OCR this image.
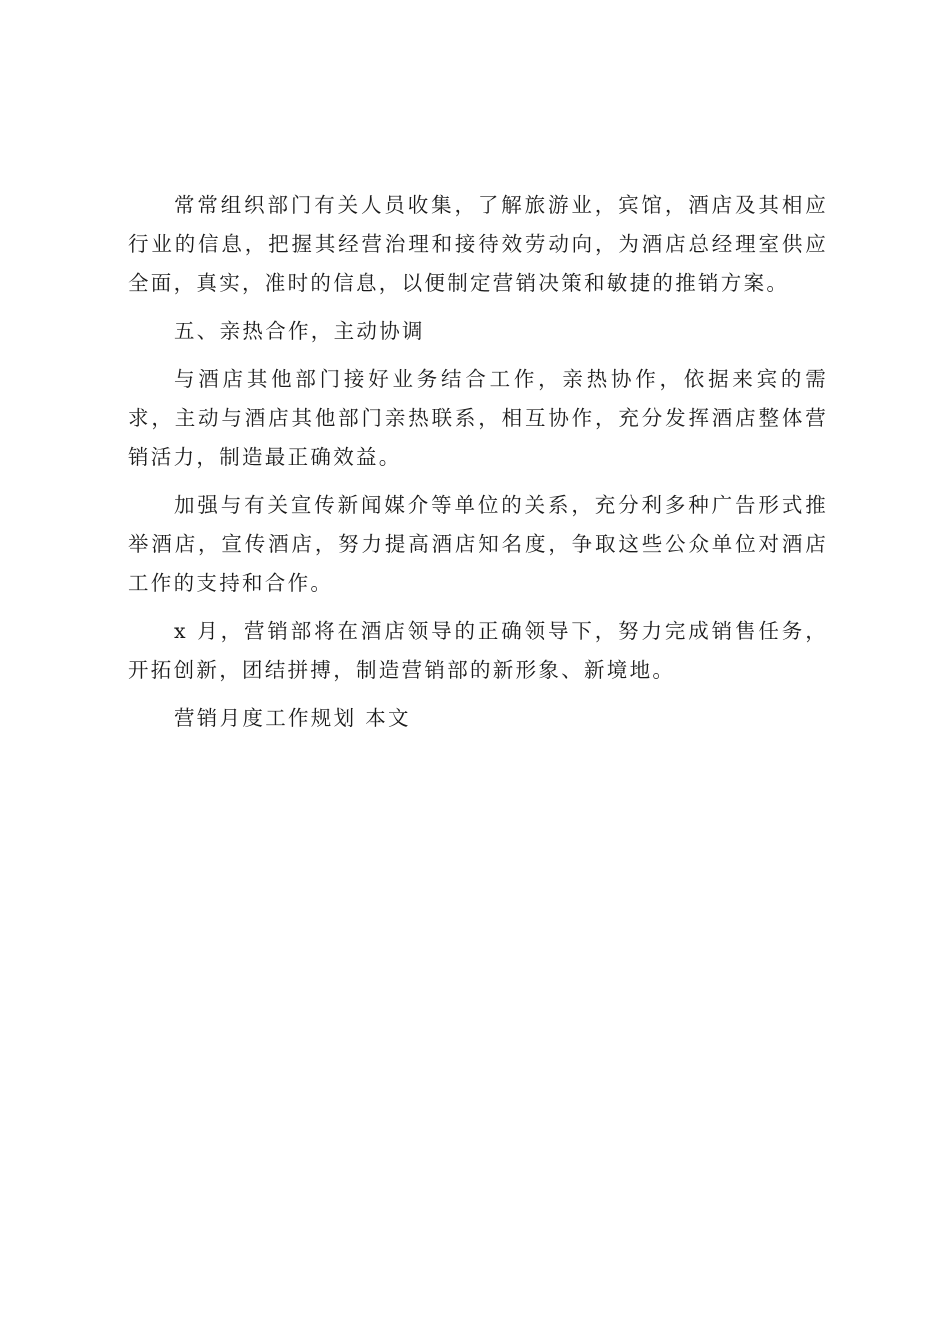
常常组织部门有关人员收集，了解旅游业，宾馆，酒店及其相应行业的信息，把握其经营治理和接待效劳动向，为酒店总经理室供应全面，真实，准时的信息，以便制定营销决策和敏捷的推销方案。

五、亲热合作，主动协调

与酒店其他部门接好业务结合工作，亲热协作，依据来宾的需求，主动与酒店其他部门亲热联系，相互协作，充分发挥酒店整体营销活力，制造最正确效益。

加强与有关宣传新闻媒介等单位的关系，充分利多种广告形式推举酒店，宣传酒店，努力提高酒店知名度，争取这些公众单位对酒店工作的支持和合作。

x 月，营销部将在酒店领导的正确领导下，努力完成销售任务，开拓创新，团结拼搏，制造营销部的新形象、新境地。

营销月度工作规划 本文
